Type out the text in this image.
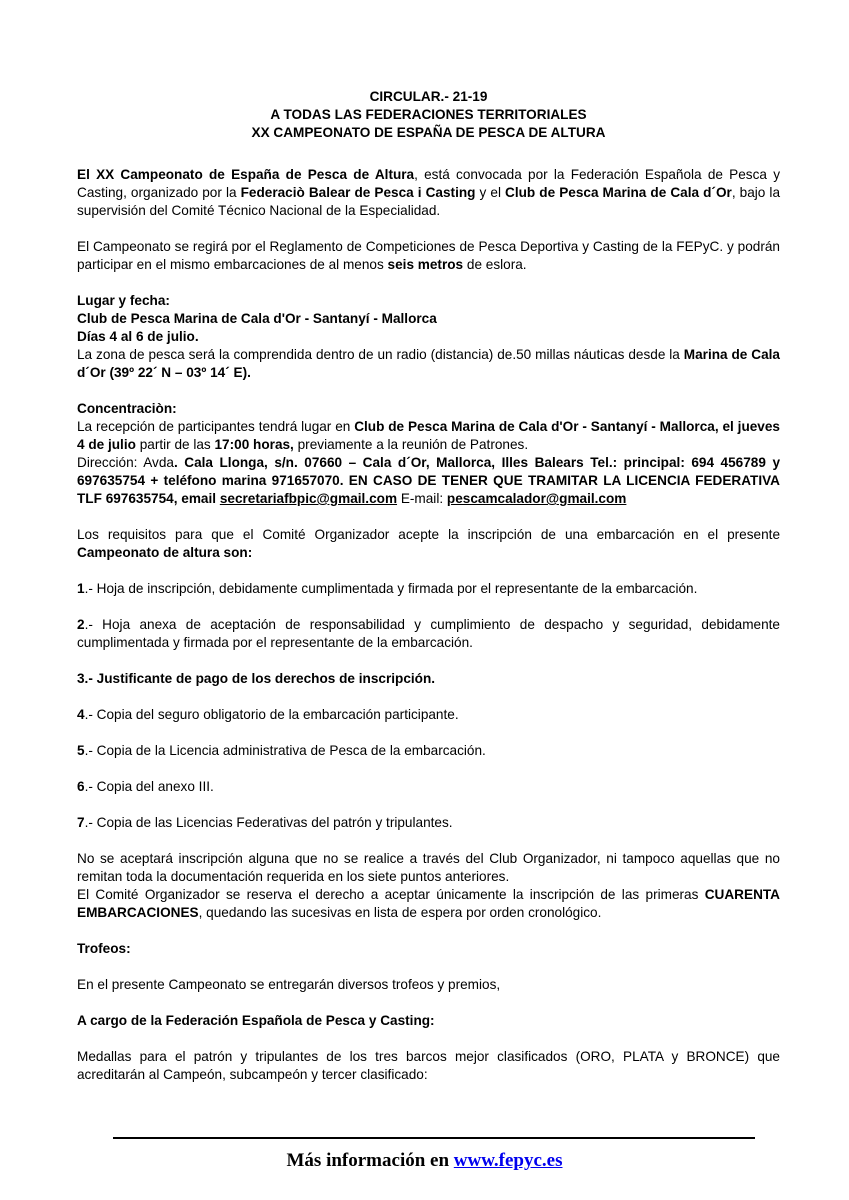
CIRCULAR.- 21-19
A TODAS LAS FEDERACIONES TERRITORIALES
XX CAMPEONATO DE ESPAÑA DE PESCA DE ALTURA

El XX Campeonato de España de Pesca de Altura, está convocada por la Federación Española de Pesca y Casting, organizado por la Federaciò Balear de Pesca i Casting y el Club de Pesca Marina de Cala d´Or, bajo la supervisión del Comité Técnico Nacional de la Especialidad.

El Campeonato se regirá por el Reglamento de Competiciones de Pesca Deportiva y Casting de la FEPyC. y podrán participar en el mismo embarcaciones de al menos seis metros de eslora.

Lugar y fecha:

Club de Pesca Marina de Cala d'Or - Santanyí - Mallorca

Días 4 al 6 de julio.

La zona de pesca será la comprendida dentro de un radio (distancia) de.50 millas náuticas desde la Marina de Cala d´Or (39º 22´ N – 03º 14´ E).

Concentraciòn:

La recepción de participantes tendrá lugar en Club de Pesca Marina de Cala d'Or - Santanyí - Mallorca, el jueves 4 de julio partir de las 17:00 horas, previamente a la reunión de Patrones.

Dirección: Avda. Cala Llonga, s/n. 07660 – Cala d´Or, Mallorca, Illes Balears Tel.: principal: 694 456789 y 697635754 + teléfono marina 971657070. EN CASO DE TENER QUE TRAMITAR LA LICENCIA FEDERATIVA TLF 697635754, email secretariafbpic@gmail.com E-mail: pescamcalador@gmail.com

Los requisitos para que el Comité Organizador acepte la inscripción de una embarcación en el presente Campeonato de altura son:

1.- Hoja de inscripción, debidamente cumplimentada y firmada por el representante de la embarcación.

2.- Hoja anexa de aceptación de responsabilidad y cumplimiento de despacho y seguridad, debidamente cumplimentada y firmada por el representante de la embarcación.

3.- Justificante de pago de los derechos de inscripción.

4.- Copia del seguro obligatorio de la embarcación participante.

5.- Copia de la Licencia administrativa de Pesca de la embarcación.

6.- Copia del anexo III.

7.- Copia de las Licencias Federativas del patrón y tripulantes.

No se aceptará inscripción alguna que no se realice a través del Club Organizador, ni tampoco aquellas que no remitan toda la documentación requerida en los siete puntos anteriores.

El Comité Organizador se reserva el derecho a aceptar únicamente la inscripción de las primeras CUARENTA EMBARCACIONES, quedando las sucesivas en lista de espera por orden cronológico.

Trofeos:

En el presente Campeonato se entregarán diversos trofeos y premios,

A cargo de la Federación Española de Pesca y Casting:

Medallas para el patrón y tripulantes de los tres barcos mejor clasificados (ORO, PLATA y BRONCE) que acreditarán al Campeón, subcampeón y tercer clasificado:

Más información en www.fepyc.es
